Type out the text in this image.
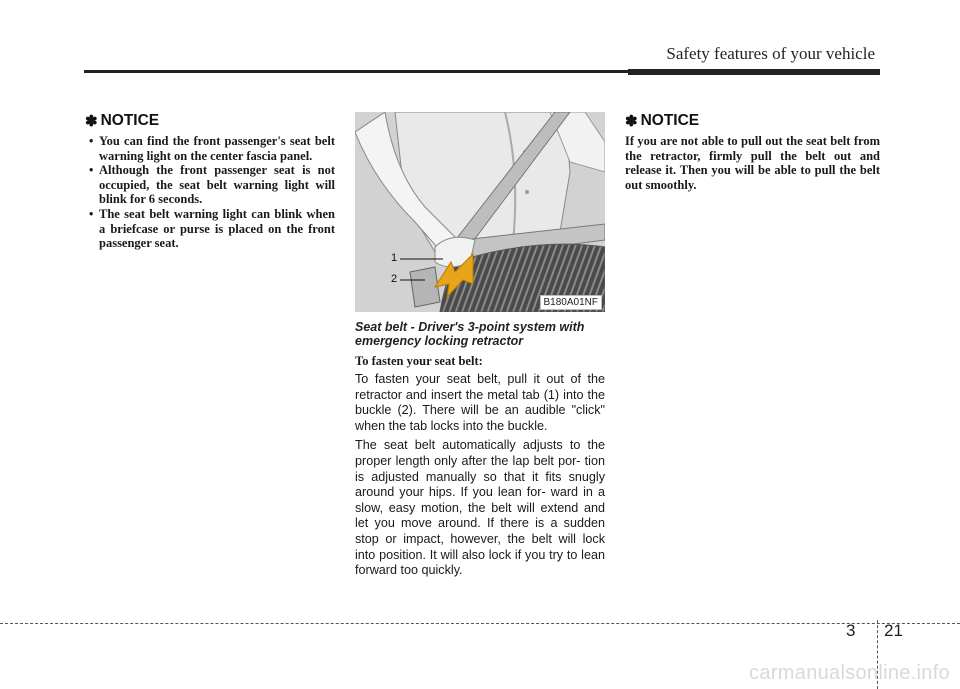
Safety features of your vehicle
✽ NOTICE
• You can find the front passenger's seat belt warning light on the center fascia panel.
• Although the front passenger seat is not occupied, the seat belt warning light will blink for 6 seconds.
• The seat belt warning light can blink when a briefcase or purse is placed on the front passenger seat.
1
2
B180A01NF
Seat belt - Driver's 3-point system with emergency locking retractor
To fasten your seat belt:

To fasten your seat belt, pull it out of the retractor and insert the metal tab (1) into the buckle (2). There will be an audible "click" when the tab locks into the buckle.

The seat belt automatically adjusts to the proper length only after the lap belt por- tion is adjusted manually so that it fits snugly around your hips. If you lean for- ward in a slow, easy motion, the belt will extend and let you move around. If there is a sudden stop or impact, however, the belt will lock into position. It will also lock if you try to lean forward too quickly.

✽ NOTICE

If you are not able to pull out the seat belt from the retractor, firmly pull the belt out and release it. Then you will be able to pull the belt out smoothly.

3 21
carmanualsonline.info
